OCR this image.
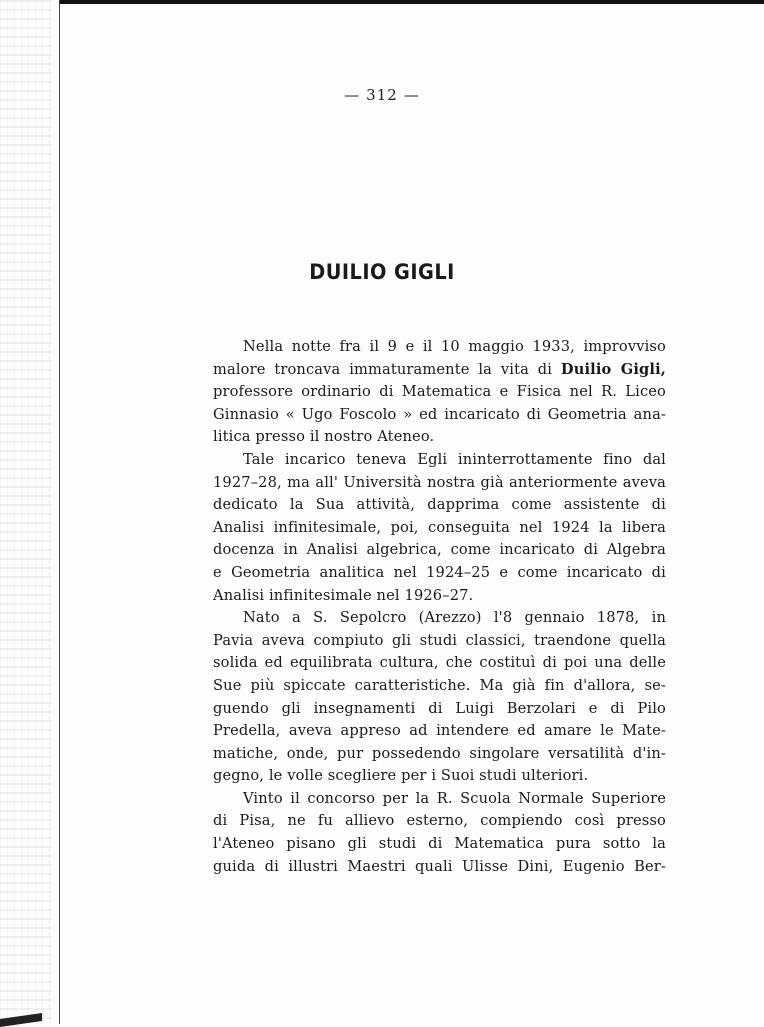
— 312 —
DUILIO GIGLI
Nella notte fra il 9 e il 10 maggio 1933, improvviso
malore troncava immaturamente la vita di Duilio Gigli,
professore ordinario di Matematica e Fisica nel R. Liceo
Ginnasio « Ugo Foscolo » ed incaricato di Geometria ana-
litica presso il nostro Ateneo.
Tale incarico teneva Egli ininterrottamente fino dal
1927–28, ma all' Università nostra già anteriormente aveva
dedicato la Sua attività, dapprima come assistente di
Analisi infinitesimale, poi, conseguita nel 1924 la libera
docenza in Analisi algebrica, come incaricato di Algebra
e Geometria analitica nel 1924–25 e come incaricato di
Analisi infinitesimale nel 1926–27.
Nato a S. Sepolcro (Arezzo) l'8 gennaio 1878, in
Pavia aveva compiuto gli studi classici, traendone quella
solida ed equilibrata cultura, che costituì di poi una delle
Sue più spiccate caratteristiche. Ma già fin d'allora, se-
guendo gli insegnamenti di Luigi Berzolari e di Pilo
Predella, aveva appreso ad intendere ed amare le Mate-
matiche, onde, pur possedendo singolare versatilità d'in-
gegno, le volle scegliere per i Suoi studi ulteriori.
Vinto il concorso per la R. Scuola Normale Superiore
di Pisa, ne fu allievo esterno, compiendo così presso
l'Ateneo pisano gli studi di Matematica pura sotto la
guida di illustri Maestri quali Ulisse Dini, Eugenio Ber-
